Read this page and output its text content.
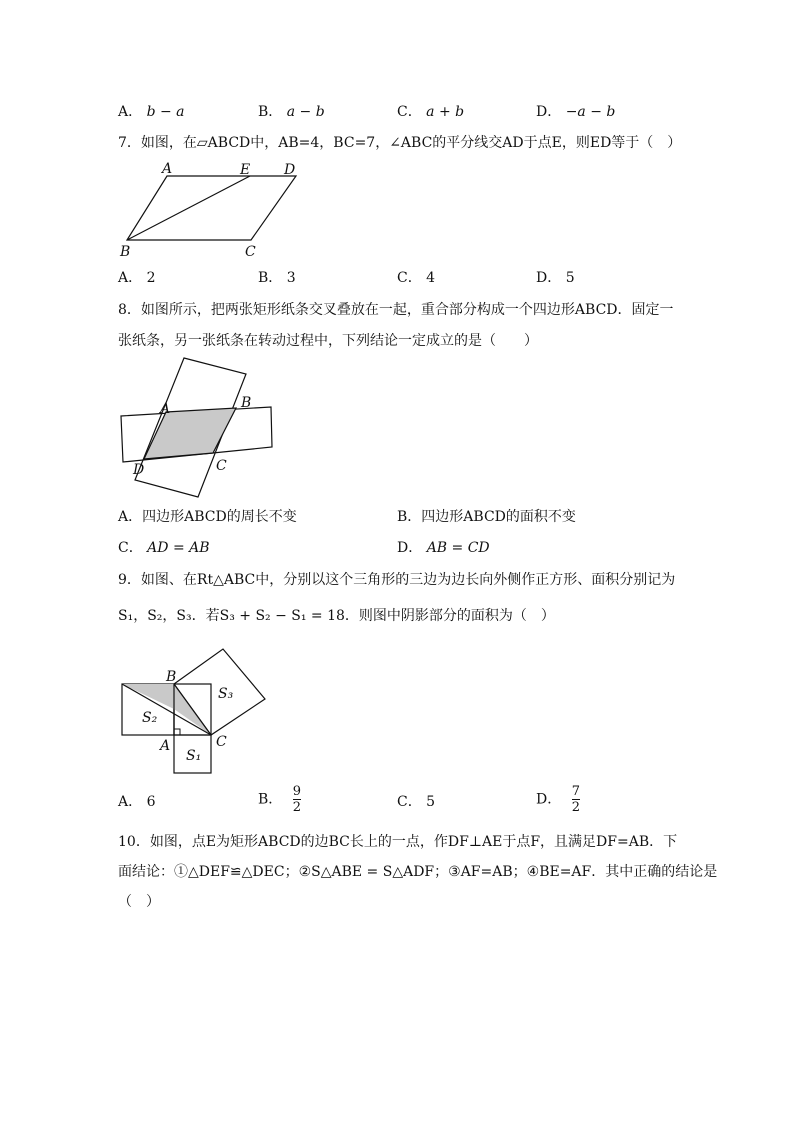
A． b − a	B． a − b	C． a + b	D． −a − b
7．如图，在▱ABCD中，AB=4，BC=7，∠ABC的平分线交AD于点E，则ED等于（　）
A	E D
B	C
A． 2	B． 3	C． 4	D． 5
8．如图所示，把两张矩形纸条交叉叠放在一起，重合部分构成一个四边形ABCD．固定一
张纸条，另一张纸条在转动过程中，下列结论一定成立的是（　　）
A	B
C
D
A．四边形ABCD的周长不变	B．四边形ABCD的面积不变
C． AD = AB	D． AB = CD
9．如图、在Rt△ABC中，分别以这个三角形的三边为边长向外侧作正方形、面积分别记为
S₁，S₂，S₃．若S₃ + S₂ − S₁ = 18．则图中阴影部分的面积为（　）
B
A	C
S₂
S₁
S₃
A． 6	B． $\frac{9}{2}$	C． 5	D． $\frac{7}{2}$
10．如图，点E为矩形ABCD的边BC长上的一点，作DF⊥AE于点F，且满足DF=AB．下
面结论：①△DEF≌△DEC；②S△ABE = S△ADF；③AF=AB；④BE=AF．其中正确的结论是
（　）
